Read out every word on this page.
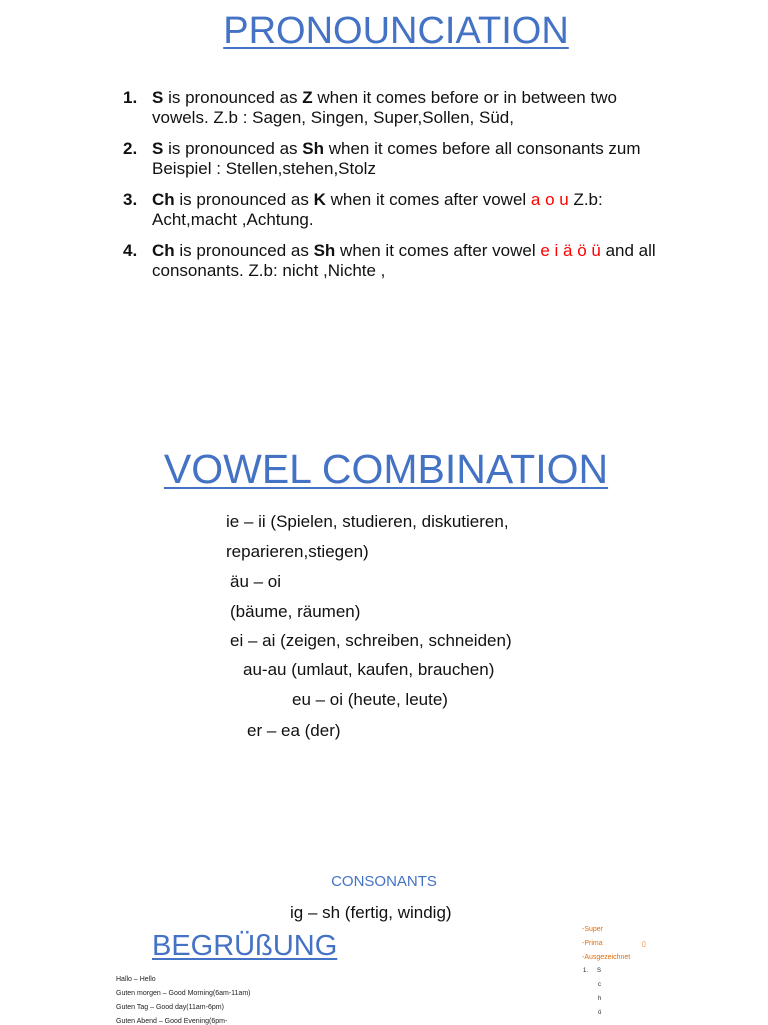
PRONOUNCIATION
1. S is pronounced as Z when it comes before or in between two vowels. Z.b : Sagen, Singen, Super,Sollen, Süd,
2. S is pronounced as Sh when it comes before all consonants zum Beispiel : Stellen,stehen,Stolz
3. Ch is pronounced as K when it comes after vowel a o u Z.b: Acht,macht ,Achtung.
4. Ch is pronounced as Sh when it comes after vowel e i ä ö ü and all consonants. Z.b: nicht ,Nichte ,
VOWEL COMBINATION
ie – ii (Spielen, studieren, diskutieren,
reparieren,stiegen)
äu – oi
(bäume, räumen)
ei – ai (zeigen, schreiben, schneiden)
au-au (umlaut, kaufen, brauchen)
eu – oi (heute, leute)
er – ea (der)
CONSONANTS
ig – sh (fertig, windig)
BEGRÜßUNG
Hallo – Hello
Guten morgen – Good Morning(6am-11am)
Guten Tag – Good day(11am-6pm)
Guten Abend – Good Evening(6pm-
-Super
-Prima	▯
-Ausgezeichnet
1. S
c
h
ö
